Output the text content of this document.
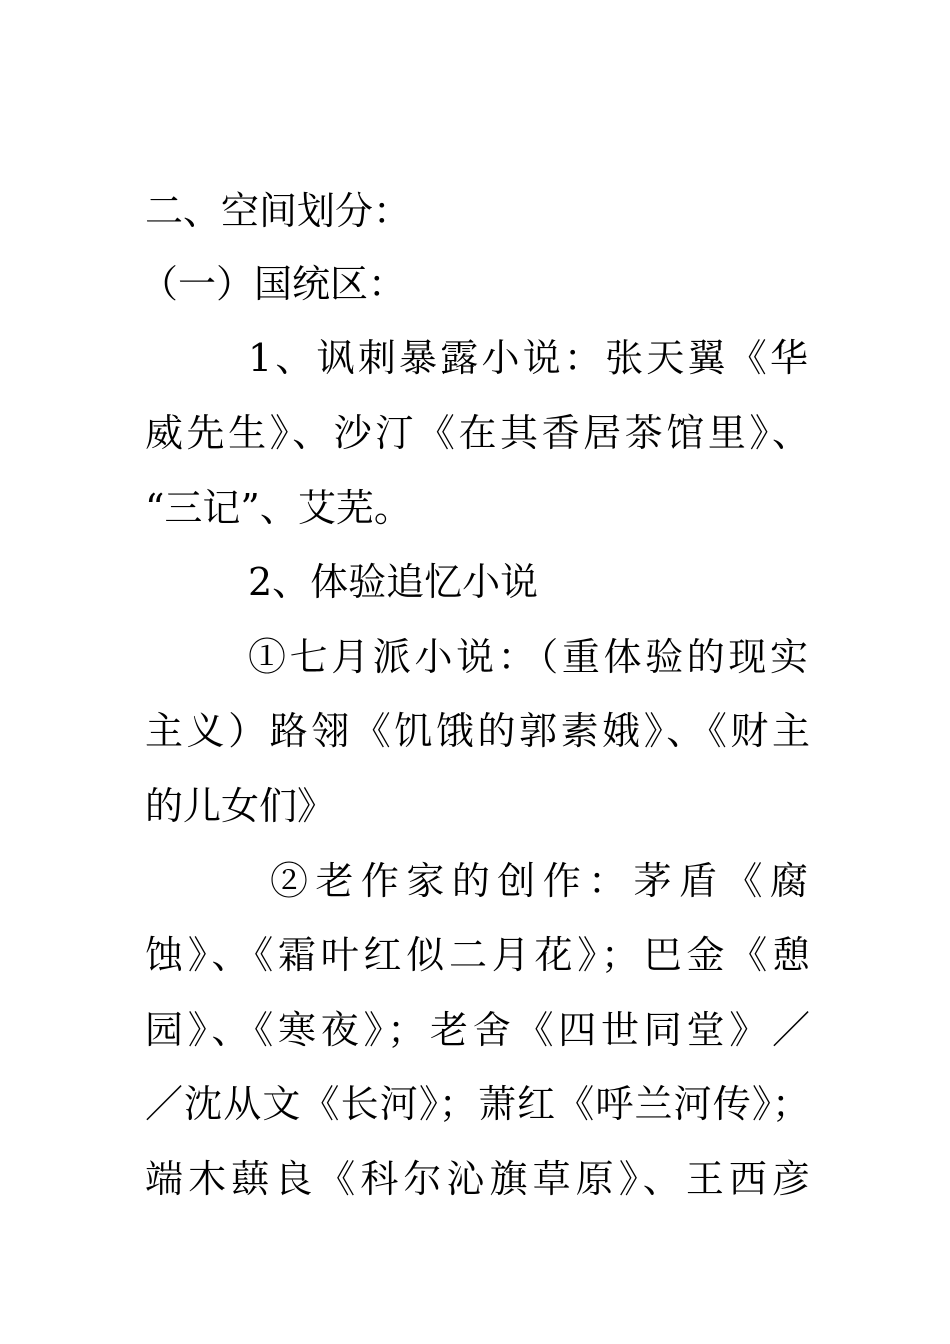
二、空间划分：
（一）国统区：
1、讽刺暴露小说：张天翼《华
威先生》、沙汀《在其香居茶馆里》、
“三记”、艾芜。
2、体验追忆小说
①七月派小说：（重体验的现实
主义）路翎《饥饿的郭素娥》、《财主
的儿女们》
②老作家的创作：茅盾《腐
蚀》、《霜叶红似二月花》；巴金《憩
园》、《寒夜》；老舍《四世同堂》／
／沈从文《长河》；萧红《呼兰河传》；
端木蕻良《科尔沁旗草原》、王西彦
